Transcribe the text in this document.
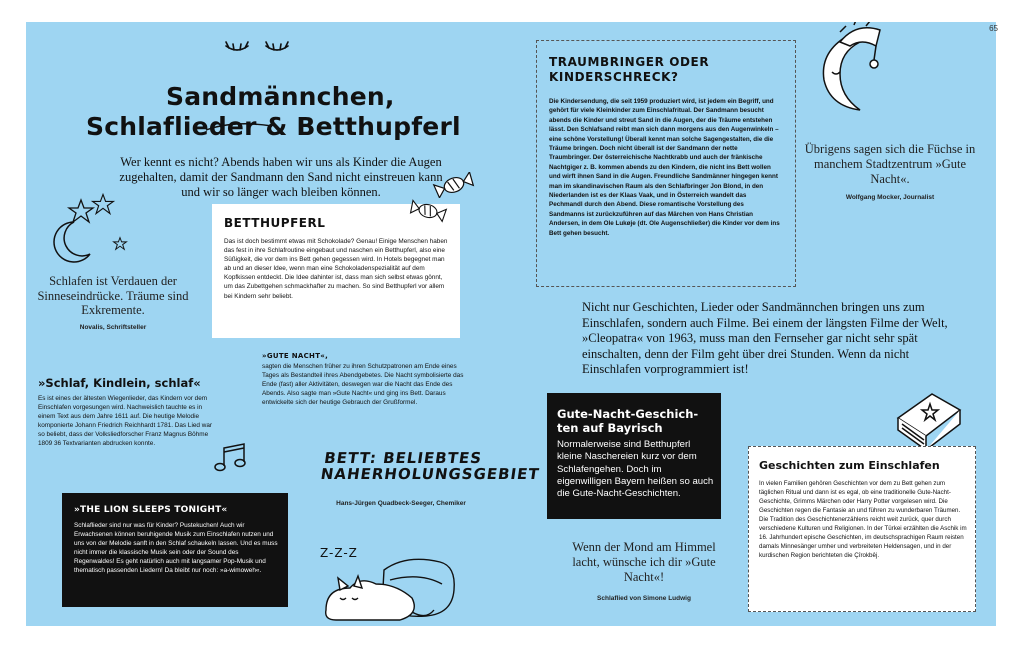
Sandmännchen,
Schlaflieder & Betthupferl
Wer kennt es nicht? Abends haben wir uns als Kinder die Augen zugehalten, damit der Sandmann den Sand nicht einstreuen kann und wir so länger wach bleiben können.
Schlafen ist Verdauen der Sinneseindrücke. Träume sind Exkremente.
Novalis, Schriftsteller
BETTHUPFERL
Das ist doch bestimmt etwas mit Schokolade? Genau! Einige Menschen haben das fest in ihre Schlafroutine eingebaut und naschen ein Betthupferl, also eine Süßigkeit, die vor dem ins Bett gehen gegessen wird. In Hotels begegnet man ab und an dieser Idee, wenn man eine Schokoladenspezialität auf dem Kopfkissen entdeckt. Die Idee dahinter ist, dass man sich selbst etwas gönnt, um das Zubettgehen schmackhafter zu machen. So sind Betthupferl vor allem bei Kindern sehr beliebt.
»Schlaf, Kindlein, schlaf«
Es ist eines der ältesten Wiegenlieder, das Kindern vor dem Einschlafen vorgesungen wird. Nachweislich tauchte es in einem Text aus dem Jahre 1611 auf. Die heutige Melodie komponierte Johann Friedrich Reichhardt 1781. Das Lied war so beliebt, dass der Volksliedforscher Franz Magnus Böhme 1809 36 Textvarianten abdrucken konnte.
»GUTE NACHT«,
sagten die Menschen früher zu ihren Schutzpatronen am Ende eines Tages als Bestandteil ihres Abendgebetes. Die Nacht symbolisierte das Ende (fast) aller Aktivitäten, deswegen war die Nacht das Ende des Abends. Also sagte man »Gute Nacht« und ging ins Bett. Daraus entwickelte sich der heutige Gebrauch der Grußformel.
BETT: BELIEBTES
NAHERHOLUNGSGEBIET
Hans-Jürgen Quadbeck-Seeger, Chemiker
»THE LION SLEEPS TONIGHT«
Schlaflieder sind nur was für Kinder? Pustekuchen! Auch wir Erwachsenen können beruhigende Musik zum Einschlafen nutzen und uns von der Melodie sanft in den Schlaf schaukeln lassen. Und es muss nicht immer die klassische Musik sein oder der Sound des Regenwaldes! Es geht natürlich auch mit langsamer Pop-Musik und thematisch passenden Liedern! Da bleibt nur noch: »a-wimoweh«.
Z-Z-Z
TRAUMBRINGER ODER
KINDERSCHRECK?
Die Kindersendung, die seit 1959 produziert wird, ist jedem ein Begriff, und gehört für viele Kleinkinder zum Einschlafritual. Der Sandmann besucht abends die Kinder und streut Sand in die Augen, der die Träume entstehen lässt. Den Schlafsand reibt man sich dann morgens aus den Augenwinkeln – eine schöne Vorstellung! Überall kennt man solche Sagengestalten, die die Träume bringen. Doch nicht überall ist der Sandmann der nette Traumbringer. Der österreichische Nachtkrabb und auch der fränkische Nachtgiger z. B. kommen abends zu den Kindern, die nicht ins Bett wollen und wirft ihnen Sand in die Augen. Freundliche Sandmänner hingegen kennt man im skandinavischen Raum als den Schlafbringer Jon Blond, in den Niederlanden ist es der Klaas Vaak, und in Österreich wandelt das Pechmandl durch den Abend. Diese romantische Vorstellung des Sandmanns ist zurückzuführen auf das Märchen von Hans Christian Andersen, in dem Ole Lukøje (dt. Ole Augenschließer) die Kinder vor dem ins Bett gehen besucht.
Übrigens sagen sich die Füchse in manchem Stadtzentrum »Gute Nacht«.
Wolfgang Mocker, Journalist
Nicht nur Geschichten, Lieder oder Sandmännchen bringen uns zum Einschlafen, sondern auch Filme. Bei einem der längsten Filme der Welt, »Cleopatra« von 1963, muss man den Fernseher gar nicht sehr spät einschalten, denn der Film geht über drei Stunden. Wenn da nicht Einschlafen vorprogrammiert ist!
Gute-Nacht-Geschich-
ten auf Bayrisch
Normalerweise sind Betthupferl kleine Naschereien kurz vor dem Schlafengehen. Doch im eigenwilligen Bayern heißen so auch die Gute-Nacht-Geschichten.
Wenn der Mond am Himmel lacht, wünsche ich dir »Gute Nacht«!
Schlaflied von Simone Ludwig
Geschichten zum Einschlafen
In vielen Familien gehören Geschichten vor dem zu Bett gehen zum täglichen Ritual und dann ist es egal, ob eine traditionelle Gute-Nacht-Geschichte, Grimms Märchen oder Harry Potter vorgelesen wird. Die Geschichten regen die Fantasie an und führen zu wunderbaren Träumen.
Die Tradition des Geschichtenerzählens reicht weit zurück, quer durch verschiedene Kulturen und Religionen. In der Türkei erzählten die Aschik im 16. Jahrhundert epische Geschichten, im deutschsprachigen Raum reisten damals Minnesänger umher und verbreiteten Heldensagen, und in der kurdischen Region berichteten die Çîrokbêj.
65
